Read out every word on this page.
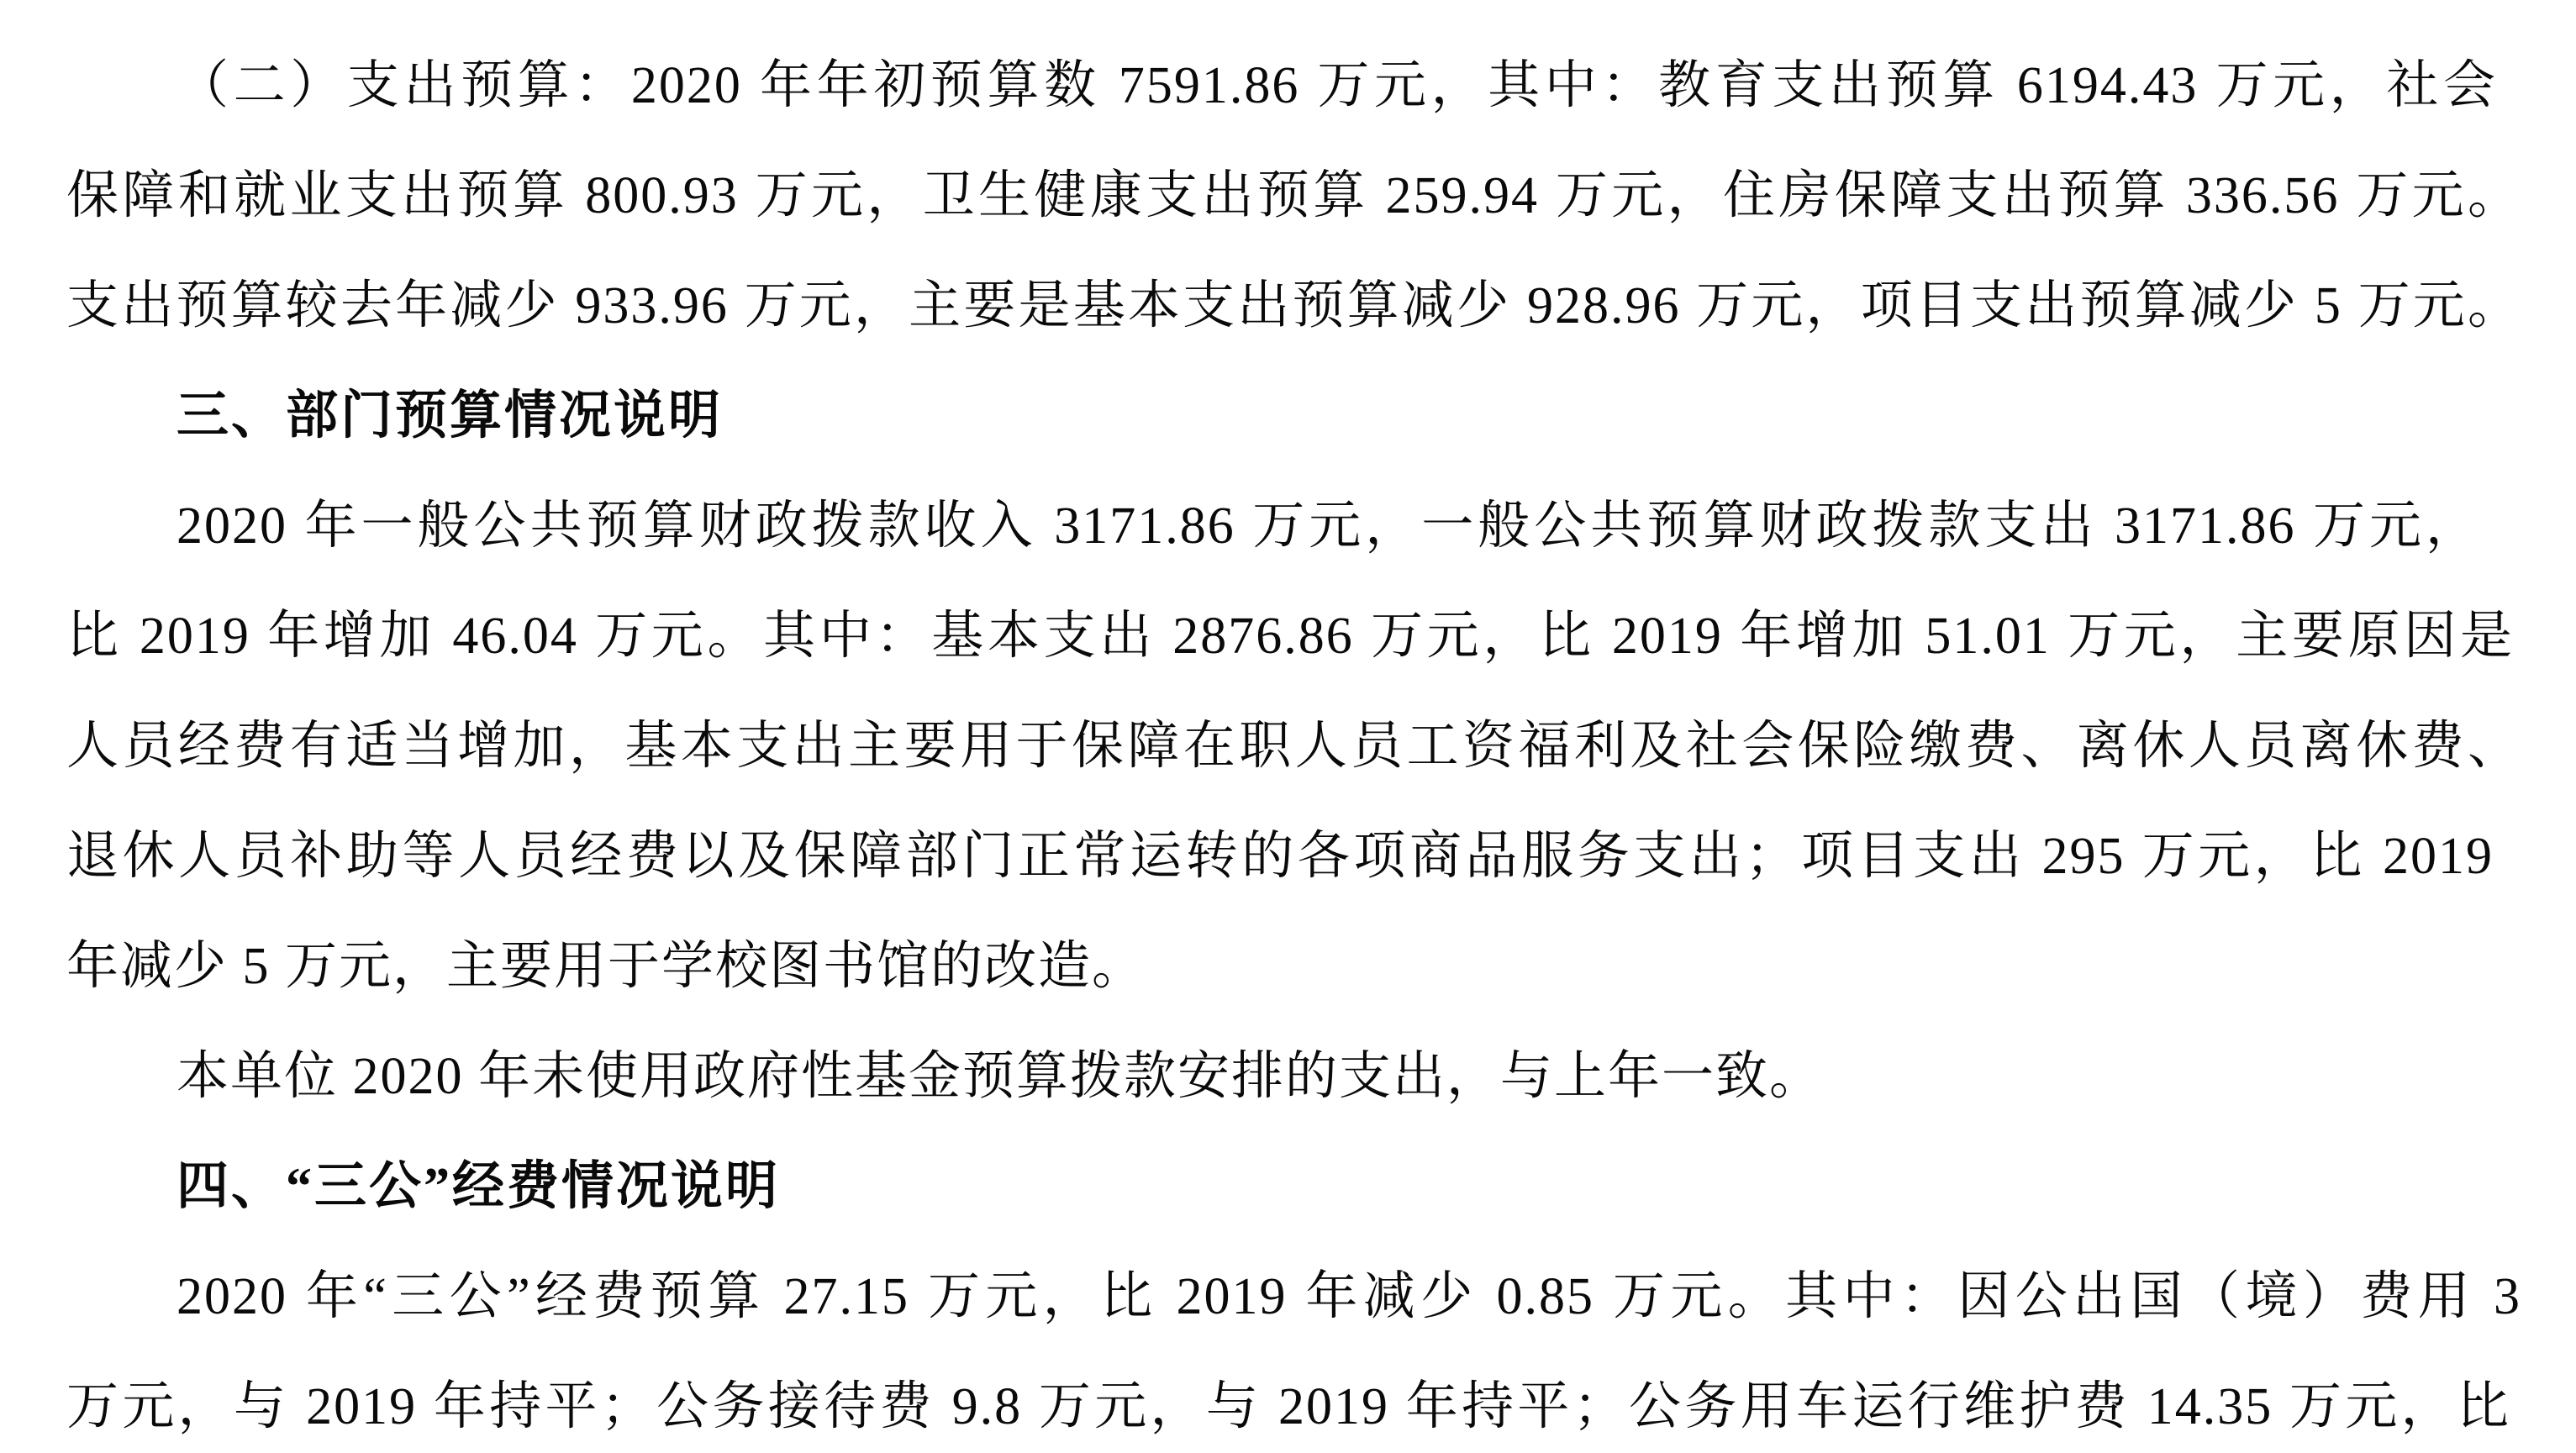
（二）支出预算：2020 年年初预算数 7591.86 万元，其中：教育支出预算 6194.43 万元，社会
保障和就业支出预算 800.93 万元，卫生健康支出预算 259.94 万元，住房保障支出预算 336.56 万元。
支出预算较去年减少 933.96 万元，主要是基本支出预算减少 928.96 万元，项目支出预算减少 5 万元。
三、部门预算情况说明
2020 年一般公共预算财政拨款收入 3171.86 万元，一般公共预算财政拨款支出 3171.86 万元，
比 2019 年增加 46.04 万元。其中：基本支出 2876.86 万元，比 2019 年增加 51.01 万元，主要原因是
人员经费有适当增加，基本支出主要用于保障在职人员工资福利及社会保险缴费、离休人员离休费、
退休人员补助等人员经费以及保障部门正常运转的各项商品服务支出；项目支出 295 万元，比 2019
年减少 5 万元，主要用于学校图书馆的改造。
本单位 2020 年未使用政府性基金预算拨款安排的支出，与上年一致。
四、“三公”经费情况说明
2020 年“三公”经费预算 27.15 万元，比 2019 年减少 0.85 万元。其中：因公出国（境）费用 3
万元，与 2019 年持平；公务接待费 9.8 万元，与 2019 年持平；公务用车运行维护费 14.35 万元，比
